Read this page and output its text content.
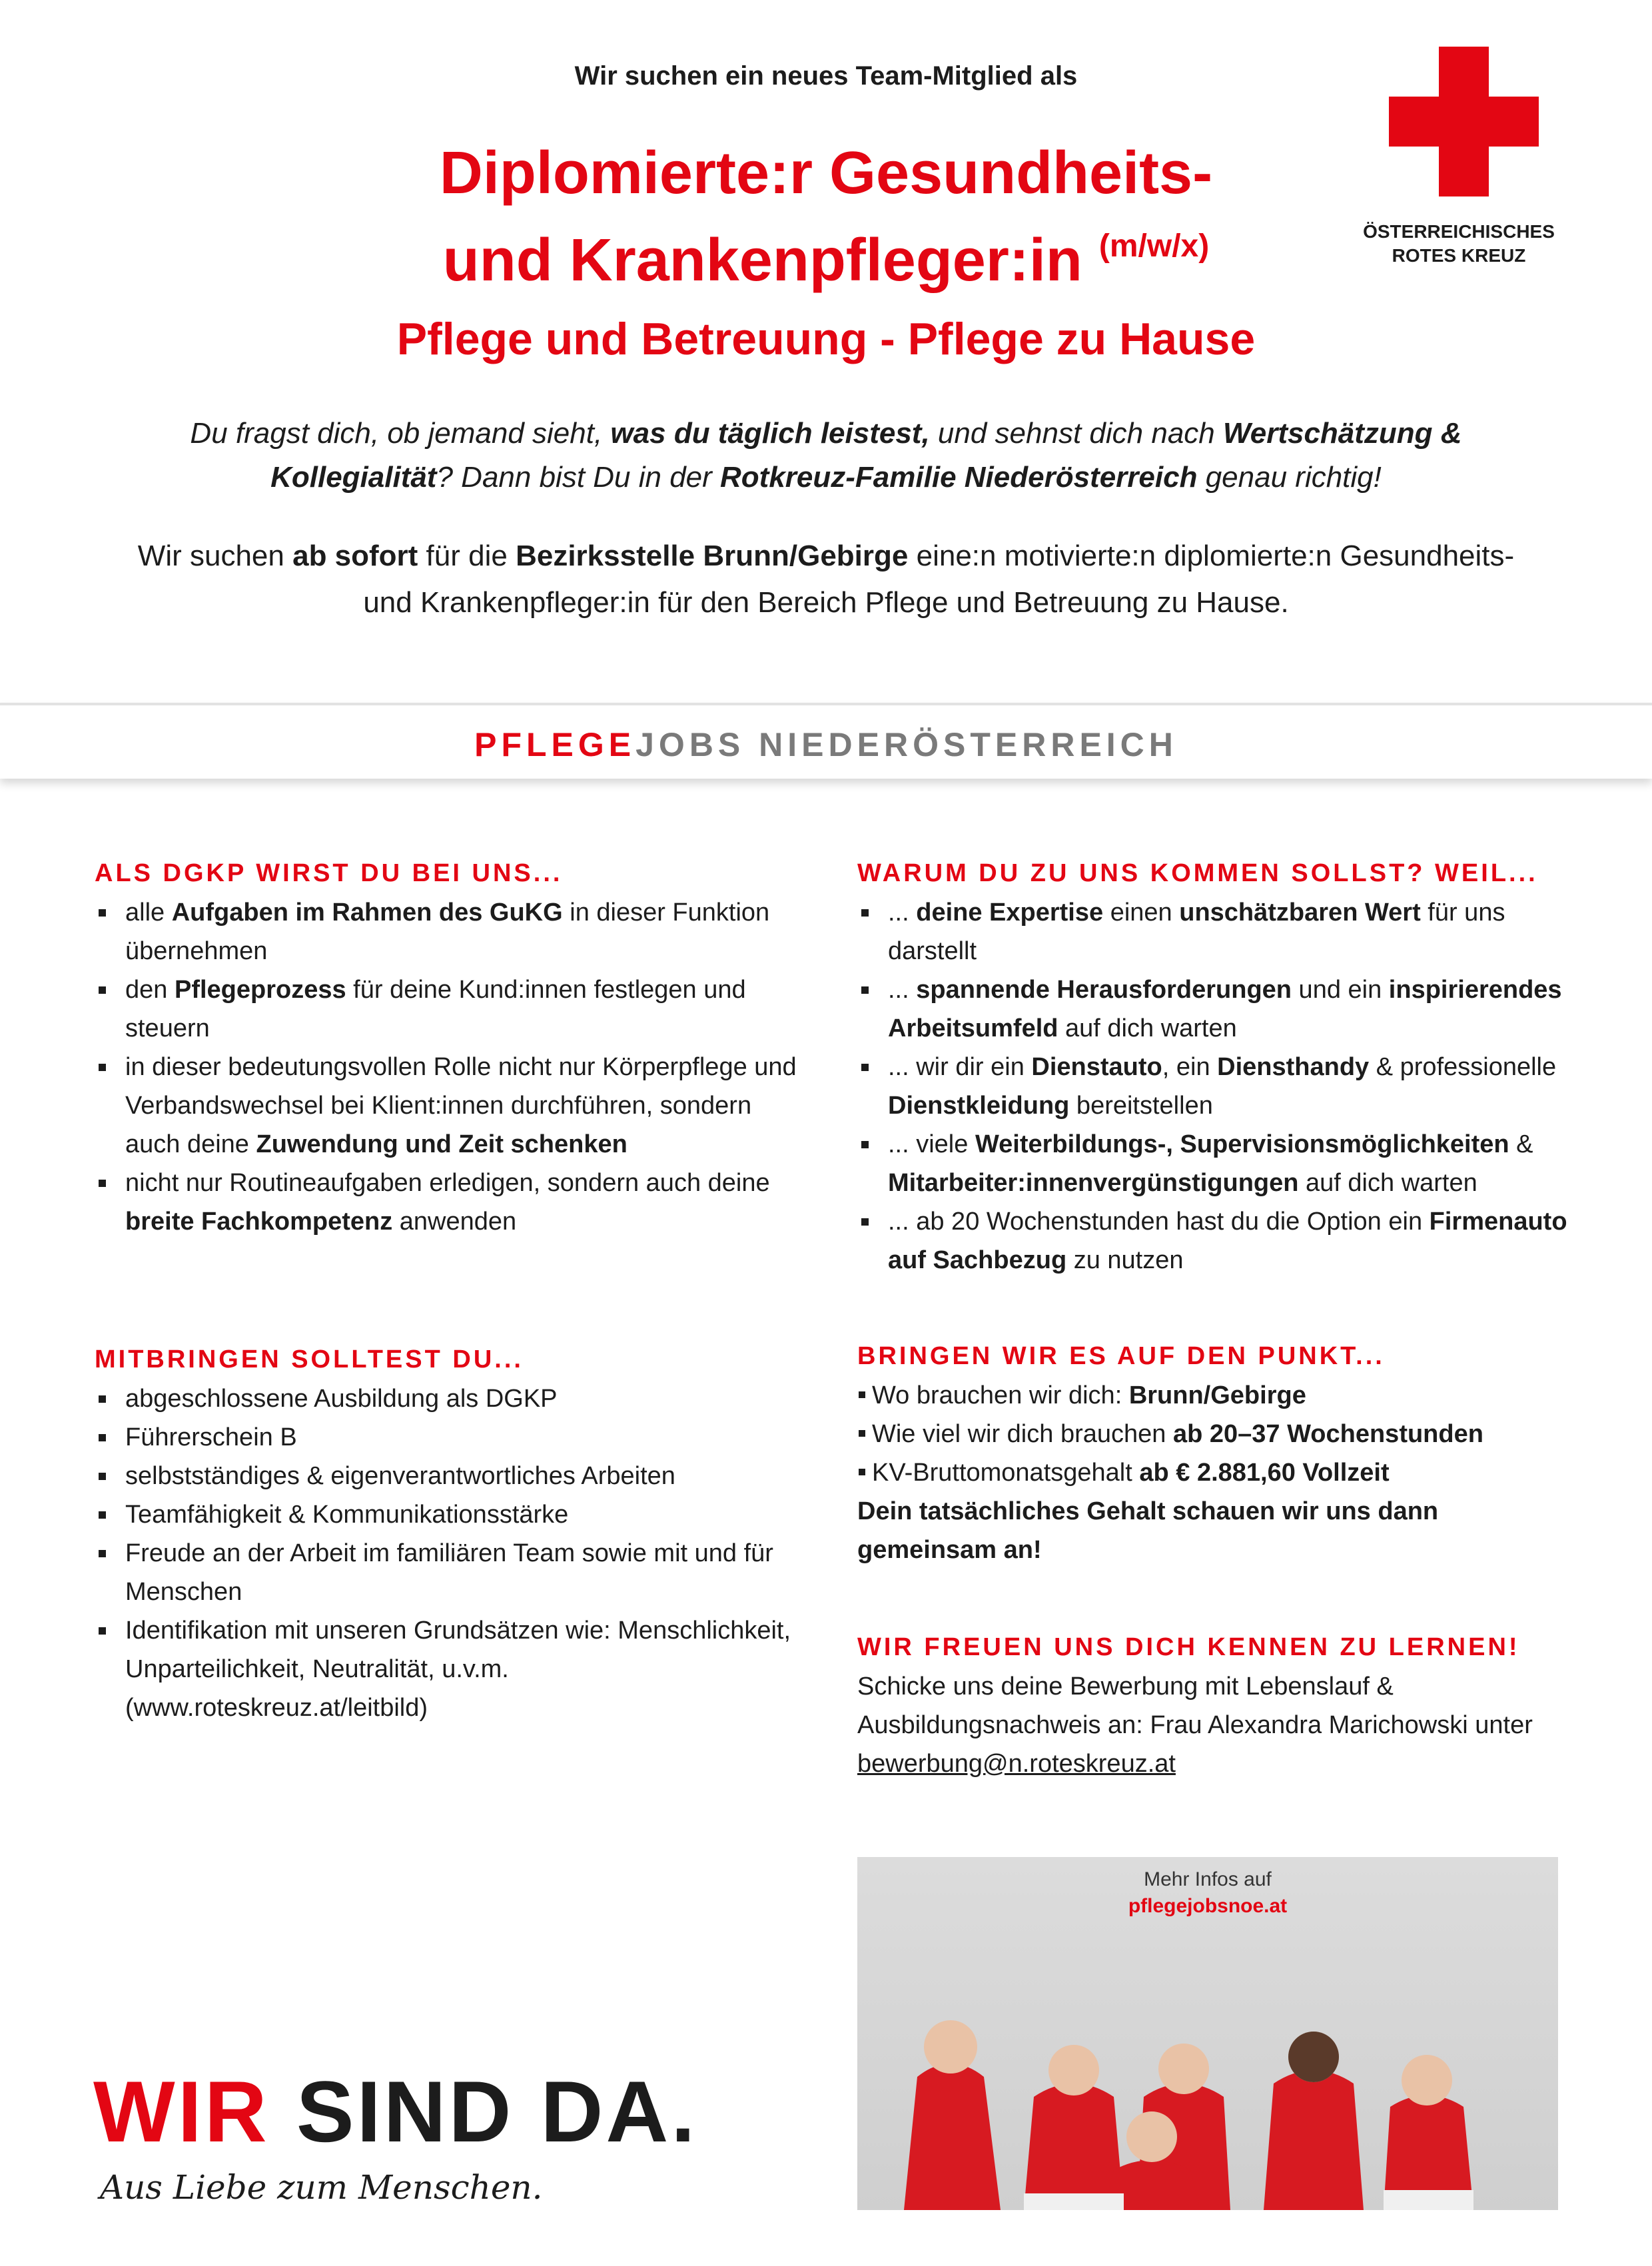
Wir suchen ein neues Team-Mitglied als
Diplomierte:r Gesundheits-
und Krankenpfleger:in $^{(m/w/x)}$
Pflege und Betreuung - Pflege zu Hause
Du fragst dich, ob jemand sieht, was du täglich leistest, und sehnst dich nach Wertschätzung & Kollegialität? Dann bist Du in der Rotkreuz-Familie Niederösterreich genau richtig!
Wir suchen ab sofort für die Bezirksstelle Brunn/Gebirge eine:n motivierte:n diplomierte:n Gesundheits- und Krankenpfleger:in für den Bereich Pflege und Betreuung zu Hause.
ÖSTERREICHISCHES
ROTES KREUZ
PFLEGEJOBS NIEDERÖSTERREICH
ALS DGKP WIRST DU BEI UNS...
alle Aufgaben im Rahmen des GuKG in dieser Funktion übernehmen
den Pflegeprozess für deine Kund:innen festlegen und steuern
in dieser bedeutungsvollen Rolle nicht nur Körperpflege und Verbandswechsel bei Klient:innen durchführen, sondern auch deine Zuwendung und Zeit schenken
nicht nur Routineaufgaben erledigen, sondern auch deine breite Fachkompetenz anwenden
MITBRINGEN SOLLTEST DU...
abgeschlossene Ausbildung als DGKP
Führerschein B
selbstständiges & eigenverantwortliches Arbeiten
Teamfähigkeit & Kommunikationsstärke
Freude an der Arbeit im familiären Team sowie mit und für Menschen
Identifikation mit unseren Grundsätzen wie: Menschlichkeit, Unparteilichkeit, Neutralität, u.v.m. (www.roteskreuz.at/leitbild)
WARUM DU ZU UNS KOMMEN SOLLST? WEIL...
... deine Expertise einen unschätzbaren Wert für uns darstellt
... spannende Herausforderungen und ein inspirierendes Arbeitsumfeld auf dich warten
... wir dir ein Dienstauto, ein Diensthandy & professionelle Dienstkleidung bereitstellen
... viele Weiterbildungs-, Supervisionsmöglichkeiten & Mitarbeiter:innenvergünstigungen auf dich warten
... ab 20 Wochenstunden hast du die Option ein Firmenauto auf Sachbezug zu nutzen
BRINGEN WIR ES AUF DEN PUNKT...
Wo brauchen wir dich: Brunn/Gebirge
Wie viel wir dich brauchen ab 20–37 Wochenstunden
KV-Bruttomonatsgehalt ab € 2.881,60 Vollzeit
Dein tatsächliches Gehalt schauen wir uns dann gemeinsam an!
WIR FREUEN UNS DICH KENNEN ZU LERNEN!
Schicke uns deine Bewerbung mit Lebenslauf & Ausbildungsnachweis an: Frau Alexandra Marichowski unter bewerbung@n.roteskreuz.at
Mehr Infos auf
pflegejobsnoe.at
WIR SIND DA.
Aus Liebe zum Menschen.
